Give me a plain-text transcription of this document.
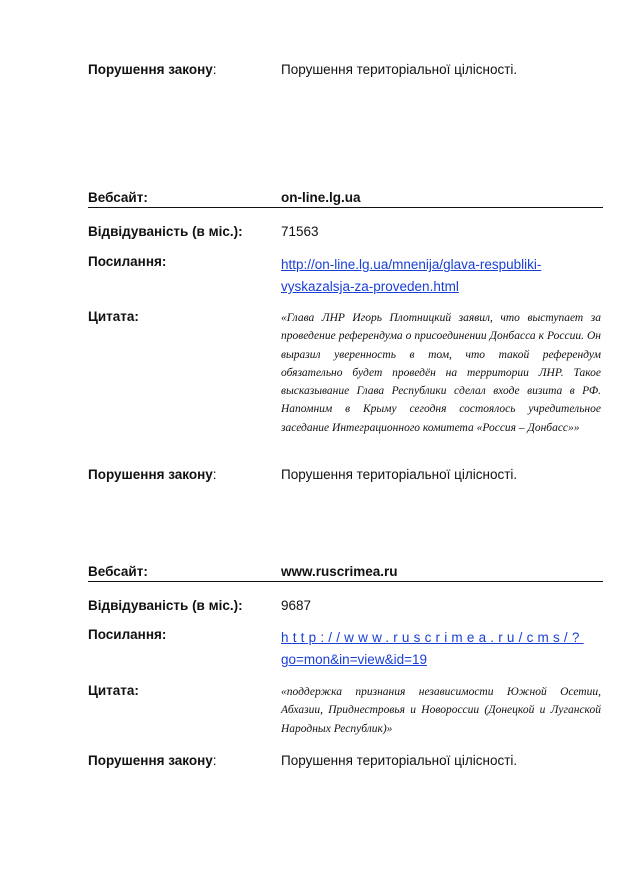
Порушення закону:	Порушення територіальної цілісності.
Вебсайт:	on-line.lg.ua
Відвідуваність (в міс.):	71563
Посилання:	http://on-line.lg.ua/mnenija/glava-respubliki-
vyskazalsja-za-proveden.html
Цитата:	«Глава ЛНР Игорь Плотницкий заявил, что выступает за проведение референдума о присоединении Донбасса к России. Он выразил уверенность в том, что такой референдум обязательно будет проведён на территории ЛНР. Такое высказывание Глава Республики сделал входе визита в РФ. Напомним в Крыму сегодня состоялось учредительное заседание Интеграционного комитета «Россия – Донбасс»»
Порушення закону:	Порушення територіальної цілісності.
Вебсайт:	www.ruscrimea.ru
Відвідуваність (в міс.):	9687
Посилання:	http://www.ruscrimea.ru/cms/?
go=mon&in=view&id=19
Цитата:	«поддержка признания независимости Южной Осетии, Абхазии, Приднестровья и Новороссии (Донецкой и Луганской Народных Республик)»
Порушення закону:	Порушення територіальної цілісності.
